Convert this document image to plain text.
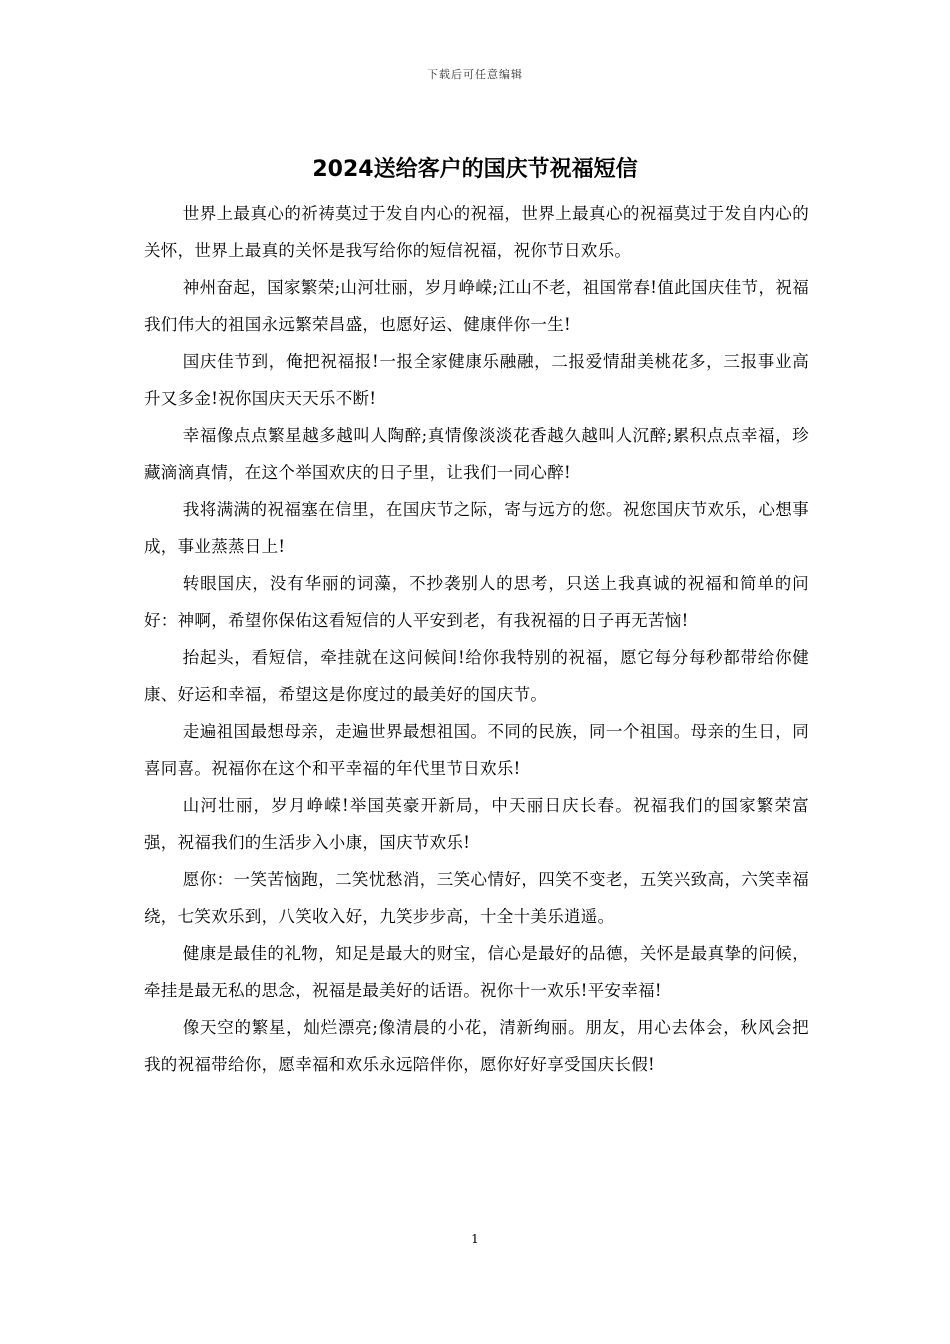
下载后可任意编辑
2024送给客户的国庆节祝福短信

世界上最真心的祈祷莫过于发自内心的祝福，世界上最真心的祝福莫过于发自内心的关怀，世界上最真的关怀是我写给你的短信祝福，祝你节日欢乐。

神州奋起，国家繁荣;山河壮丽，岁月峥嵘;江山不老，祖国常春!值此国庆佳节，祝福我们伟大的祖国永远繁荣昌盛，也愿好运、健康伴你一生!

国庆佳节到，俺把祝福报!一报全家健康乐融融，二报爱情甜美桃花多，三报事业高升又多金!祝你国庆天天乐不断!

幸福像点点繁星越多越叫人陶醉;真情像淡淡花香越久越叫人沉醉;累积点点幸福，珍藏滴滴真情，在这个举国欢庆的日子里，让我们一同心醉!

我将满满的祝福塞在信里，在国庆节之际，寄与远方的您。祝您国庆节欢乐，心想事成，事业蒸蒸日上!

转眼国庆，没有华丽的词藻，不抄袭别人的思考，只送上我真诚的祝福和简单的问好：神啊，希望你保佑这看短信的人平安到老，有我祝福的日子再无苦恼!

抬起头，看短信，牵挂就在这问候间!给你我特别的祝福，愿它每分每秒都带给你健康、好运和幸福，希望这是你度过的最美好的国庆节。

走遍祖国最想母亲，走遍世界最想祖国。不同的民族，同一个祖国。母亲的生日，同喜同喜。祝福你在这个和平幸福的年代里节日欢乐!

山河壮丽，岁月峥嵘!举国英豪开新局，中天丽日庆长春。祝福我们的国家繁荣富强，祝福我们的生活步入小康，国庆节欢乐!

愿你：一笑苦恼跑，二笑忧愁消，三笑心情好，四笑不变老，五笑兴致高，六笑幸福绕，七笑欢乐到，八笑收入好，九笑步步高，十全十美乐逍遥。

健康是最佳的礼物，知足是最大的财宝，信心是最好的品德，关怀是最真挚的问候，牵挂是最无私的思念，祝福是最美好的话语。祝你十一欢乐!平安幸福!

像天空的繁星，灿烂漂亮;像清晨的小花，清新绚丽。朋友，用心去体会，秋风会把我的祝福带给你，愿幸福和欢乐永远陪伴你，愿你好好享受国庆长假!

1
